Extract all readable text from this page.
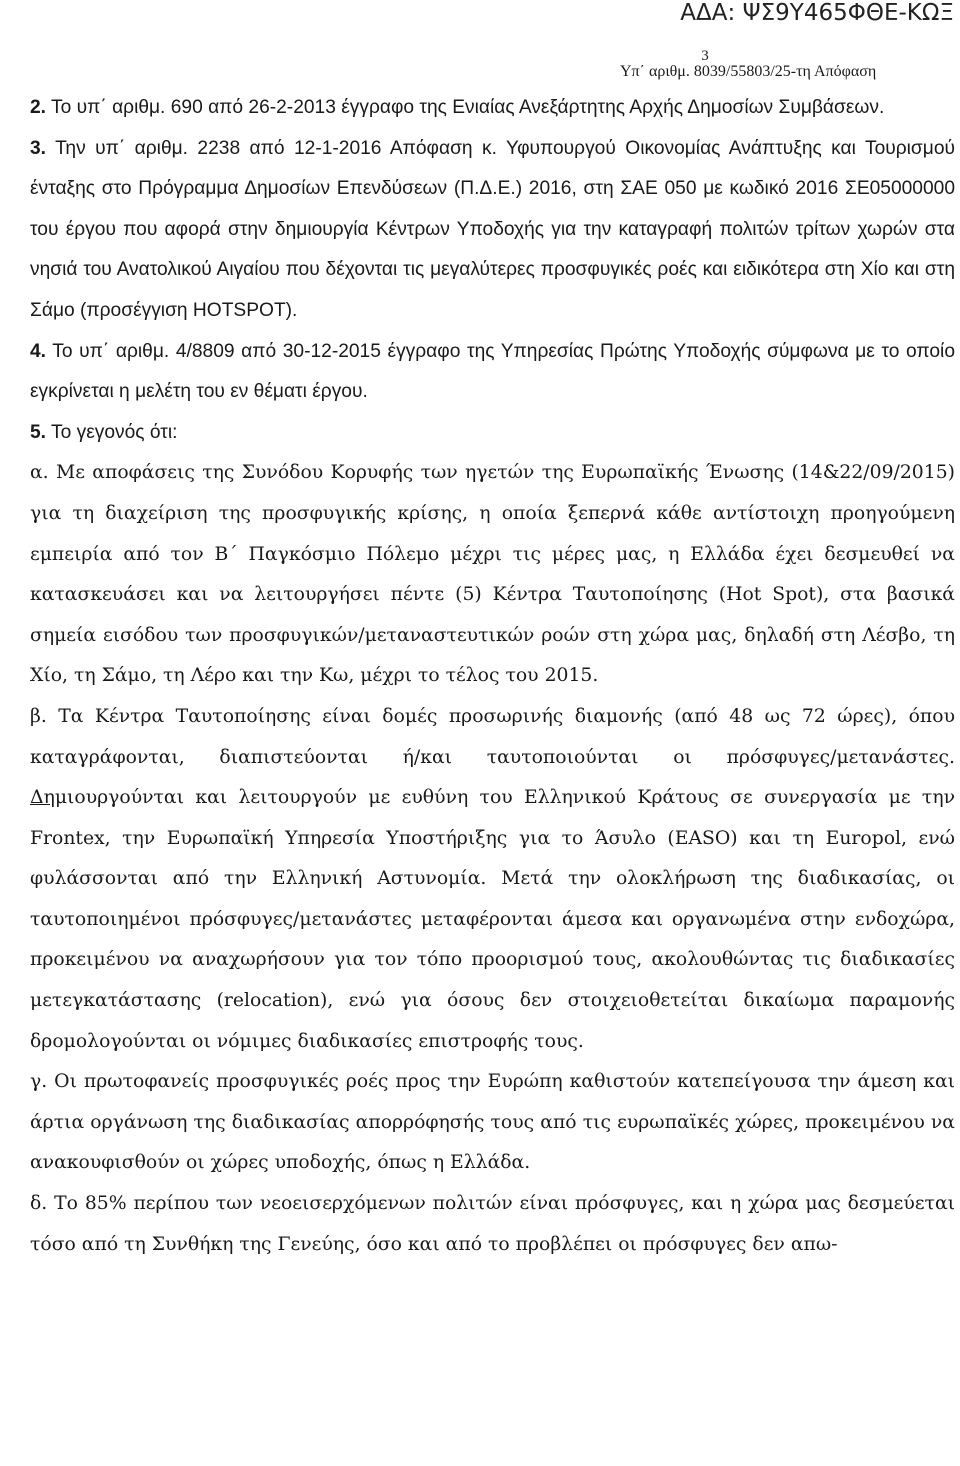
ΑΔΑ: ΨΣ9Υ465ΦΘΕ-ΚΩΞ
3
Υπ΄ αριθμ. 8039/55803/25-τη Απόφαση

2. Το υπ΄ αριθμ. 690 από 26-2-2013 έγγραφο της Ενιαίας Ανεξάρτητης Αρχής Δημοσίων Συμβάσεων.

3. Την υπ΄ αριθμ. 2238 από 12-1-2016 Απόφαση κ. Υφυπουργού Οικονομίας Ανάπτυξης και Τουρισμού ένταξης στο Πρόγραμμα Δημοσίων Επενδύσεων (Π.Δ.Ε.) 2016, στη ΣΑΕ 050 με κωδικό 2016 ΣΕ05000000 του έργου που αφορά στην δημιουργία Κέντρων Υποδοχής για την καταγραφή πολιτών τρίτων χωρών στα νησιά του Ανατολικού Αιγαίου που δέχονται τις μεγαλύτερες προσφυγικές ροές και ειδικότερα στη Χίο και στη Σάμο (προσέγγιση HOTSPOT).

4. Το υπ΄ αριθμ. 4/8809 από 30-12-2015 έγγραφο της Υπηρεσίας Πρώτης Υποδοχής σύμφωνα με το οποίο εγκρίνεται η μελέτη του εν θέματι έργου.

5. Το γεγονός ότι:

α. Με αποφάσεις της Συνόδου Κορυφής των ηγετών της Ευρωπαϊκής Ένωσης (14&22/09/2015) για τη διαχείριση της προσφυγικής κρίσης, η οποία ξεπερνά κάθε αντίστοιχη προηγούμενη εμπειρία από τον Β΄ Παγκόσμιο Πόλεμο μέχρι τις μέρες μας, η Ελλάδα έχει δεσμευθεί να κατασκευάσει και να λειτουργήσει πέντε (5) Κέντρα Ταυτοποίησης (Hot Spot), στα βασικά σημεία εισόδου των προσφυγικών/μεταναστευτικών ροών στη χώρα μας, δηλαδή στη Λέσβο, τη Χίο, τη Σάμο, τη Λέρο και την Κω, μέχρι το τέλος του 2015.

β. Τα Κέντρα Ταυτοποίησης είναι δομές προσωρινής διαμονής (από 48 ως 72 ώρες), όπου καταγράφονται, διαπιστεύονται ή/και ταυτοποιούνται οι πρόσφυγες/μετανάστες. Δημιουργούνται και λειτουργούν με ευθύνη του Ελληνικού Κράτους σε συνεργασία με την Frontex, την Ευρωπαϊκή Υπηρεσία Υποστήριξης για το Άσυλο (EASO) και τη Europol, ενώ φυλάσσονται από την Ελληνική Αστυνομία. Μετά την ολοκλήρωση της διαδικασίας, οι ταυτοποιημένοι πρόσφυγες/μετανάστες μεταφέρονται άμεσα και οργανωμένα στην ενδοχώρα, προκειμένου να αναχωρήσουν για τον τόπο προορισμού τους, ακολουθώντας τις διαδικασίες μετεγκατάστασης (relocation), ενώ για όσους δεν στοιχειοθετείται δικαίωμα παραμονής δρομολογούνται οι νόμιμες διαδικασίες επιστροφής τους.

γ. Οι πρωτοφανείς προσφυγικές ροές προς την Ευρώπη καθιστούν κατεπείγουσα την άμεση και άρτια οργάνωση της διαδικασίας απορρόφησής τους από τις ευρωπαϊκές χώρες, προκειμένου να ανακουφισθούν οι χώρες υποδοχής, όπως η Ελλάδα.

δ. Το 85% περίπου των νεοεισερχόμενων πολιτών είναι πρόσφυγες, και η χώρα μας δεσμεύεται τόσο από τη Συνθήκη της Γενεύης, όσο και από το προβλέπει οι πρόσφυγες δεν απω-
